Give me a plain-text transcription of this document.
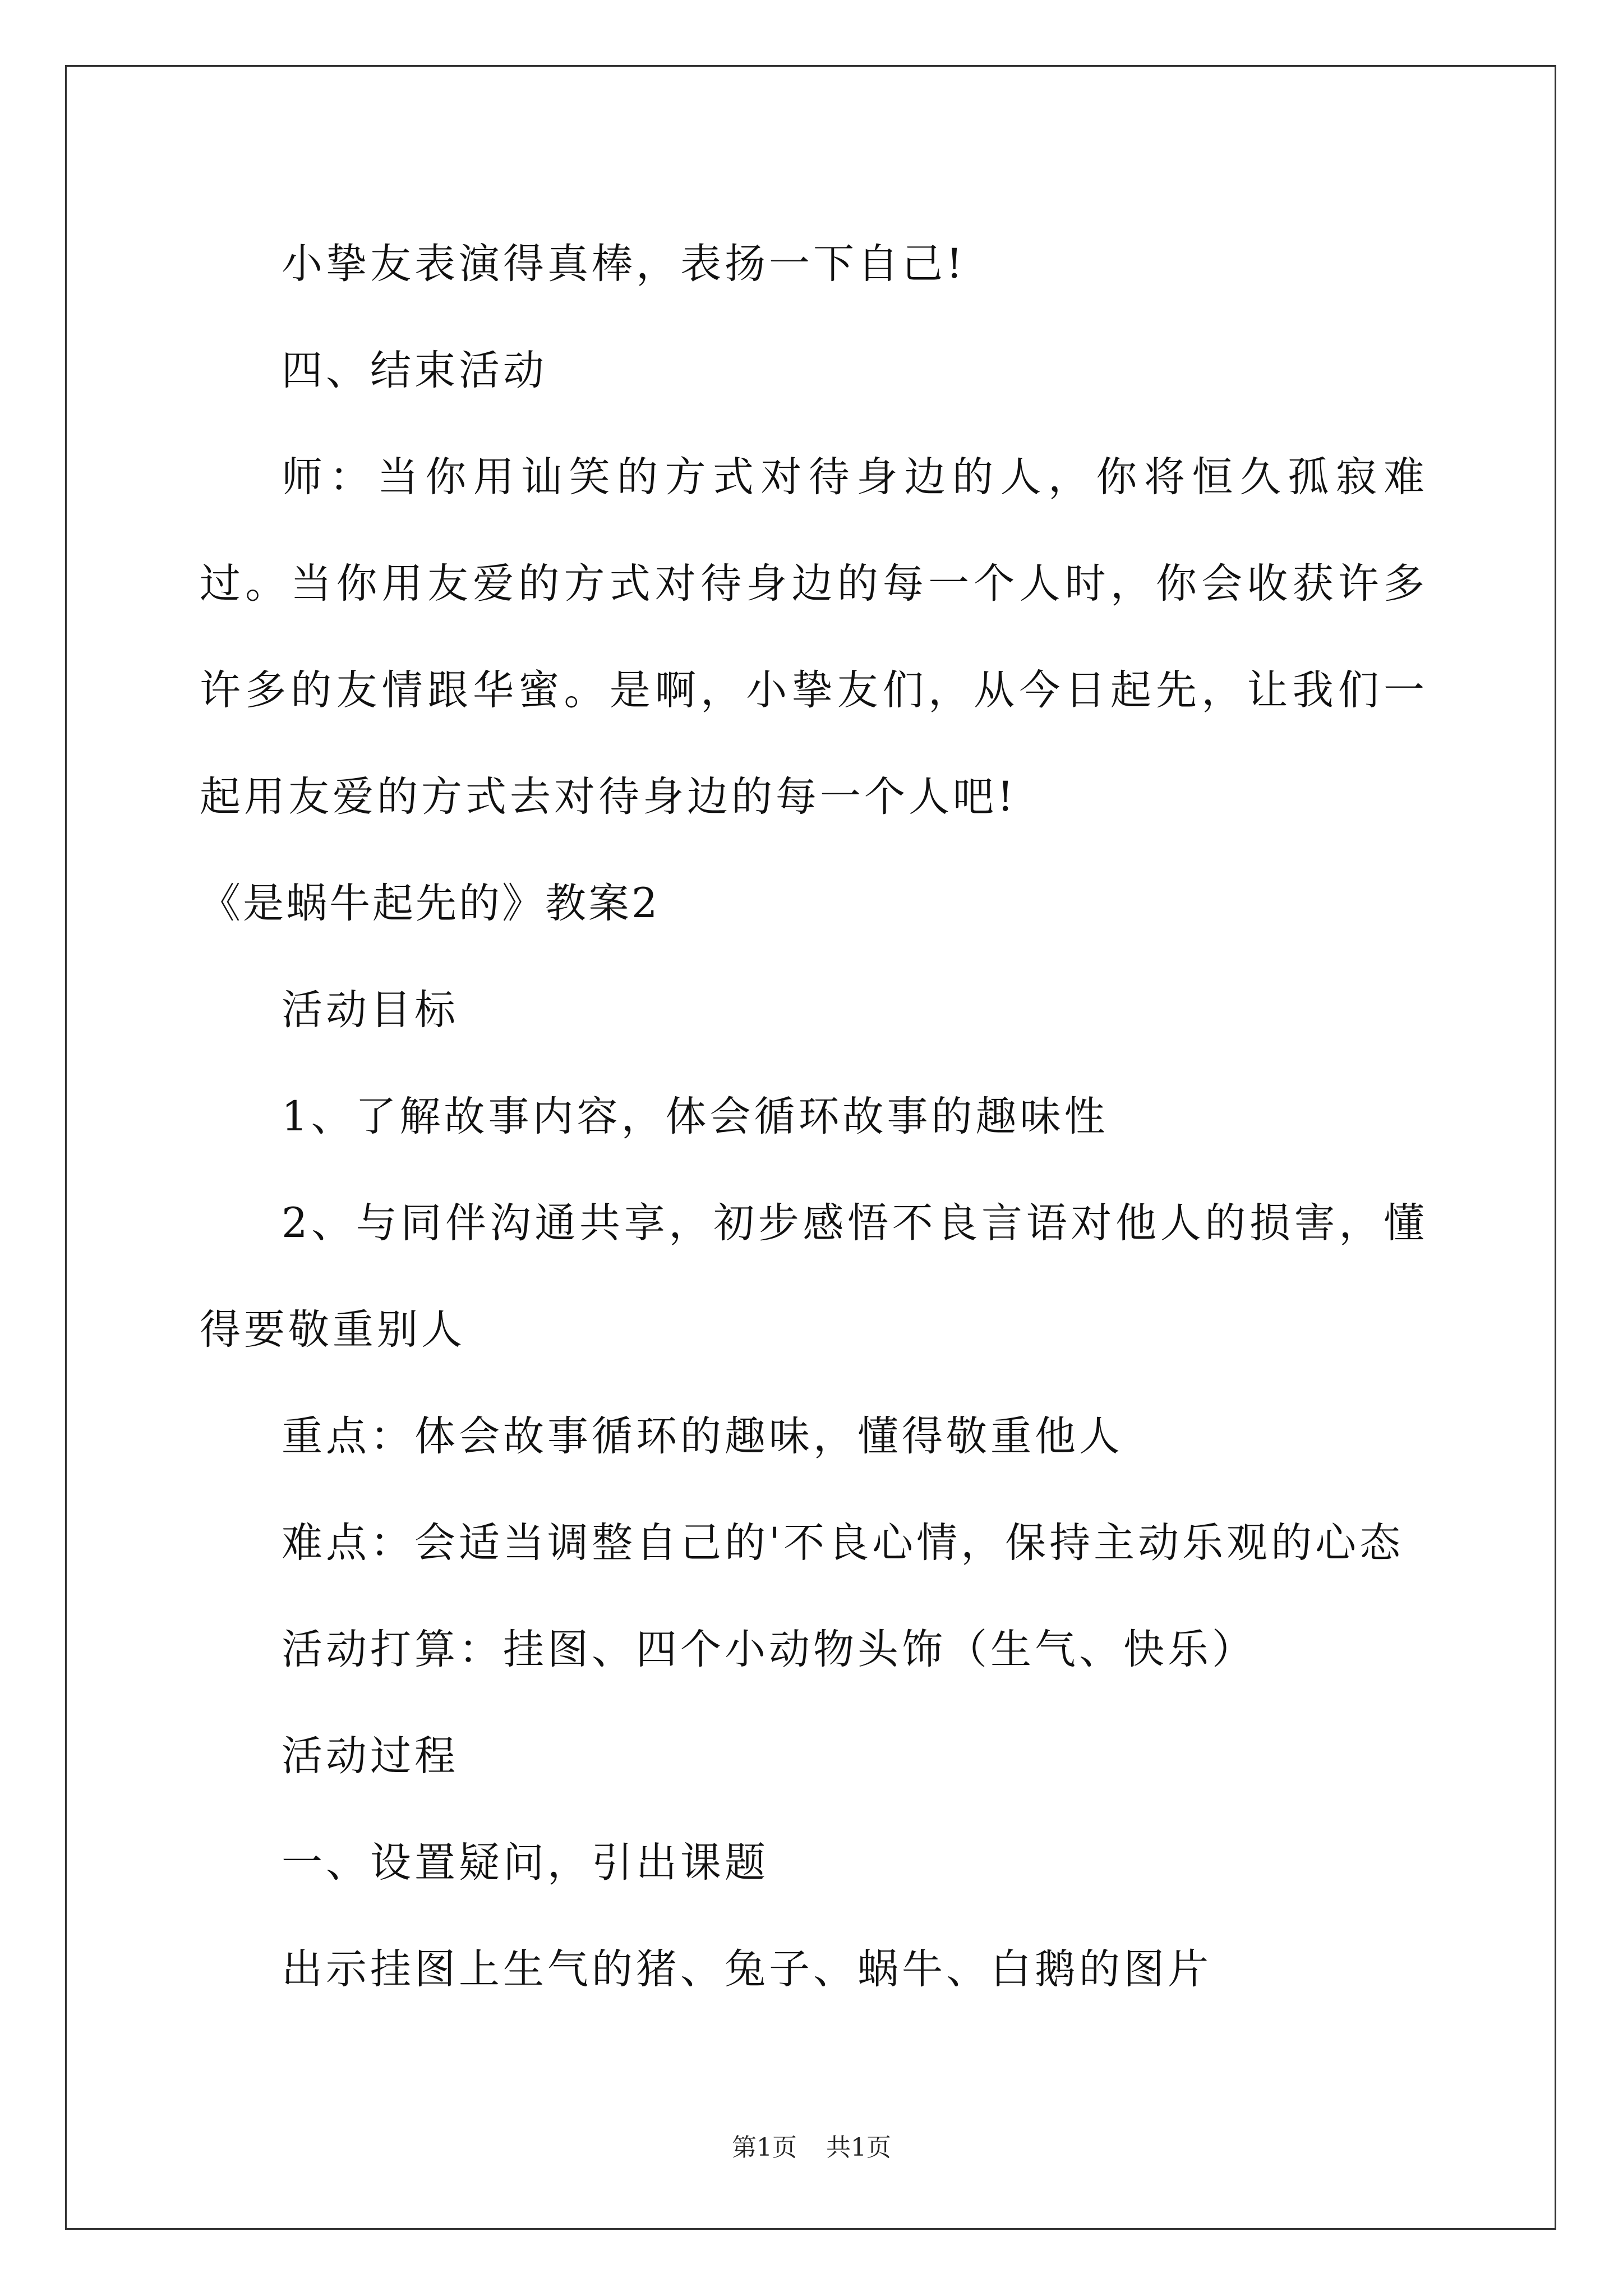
小挚友表演得真棒，表扬一下自己!

四、结束活动

师：当你用讪笑的方式对待身边的人，你将恒久孤寂难过。当你用友爱的方式对待身边的每一个人时，你会收获许多许多的友情跟华蜜。是啊，小挚友们，从今日起先，让我们一起用友爱的方式去对待身边的每一个人吧!

《是蜗牛起先的》教案2

活动目标

1、了解故事内容，体会循环故事的趣味性

2、与同伴沟通共享，初步感悟不良言语对他人的损害，懂得要敬重别人

重点：体会故事循环的趣味，懂得敬重他人

难点：会适当调整自己的'不良心情，保持主动乐观的心态

活动打算：挂图、四个小动物头饰（生气、快乐）

活动过程

一、设置疑问，引出课题

出示挂图上生气的猪、兔子、蜗牛、白鹅的图片

第1页 共1页
